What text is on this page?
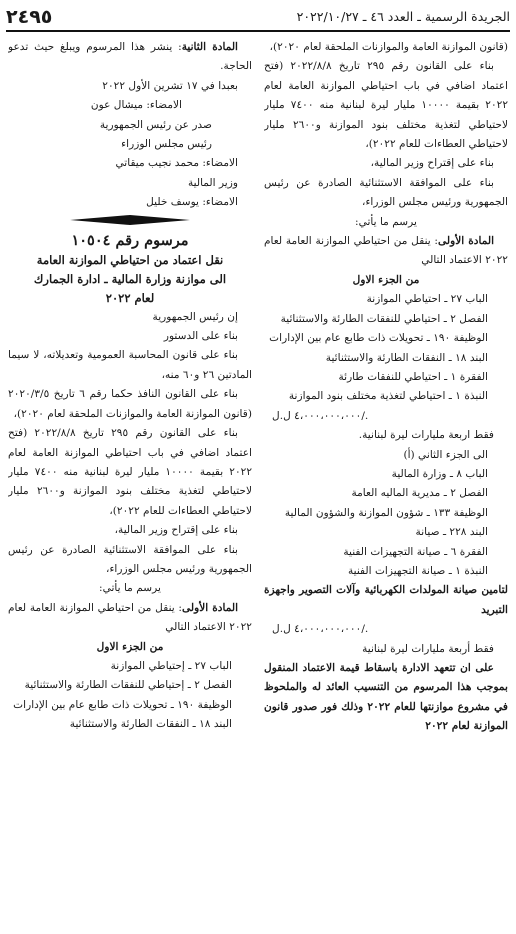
٢٤٩٥	الجريدة الرسمية ـ العدد ٤٦ ـ ٢٠٢٢/١٠/٢٧

(قانون الموازنة العامة والموازنات الملحقة لعام ٢٠٢٠)،

بناء على القانون رقم ٢٩٥ تاريخ ٢٠٢٢/٨/٨ (فتح اعتماد اضافي في باب احتياطي الموازنة العامة لعام ٢٠٢٢ بقيمة ١٠٠٠٠ مليار ليرة لبنانية منه ٧٤٠٠ مليار لاحتياطي لتغذية مختلف بنود الموازنة و٢٦٠٠ مليار لاحتياطي العطاءات للعام ٢٠٢٢)،

بناء على إقتراح وزير المالية،

بناء على الموافقة الاستثنائية الصادرة عن رئيس الجمهورية ورئيس مجلس الوزراء،

يرسم ما يأتي:

المادة الأولى: ينقل من احتياطي الموازنة العامة لعام ٢٠٢٢ الاعتماد التالي

من الجزء الاول

الباب ٢٧ ـ احتياطي الموازنة

الفصل ٢ ـ احتياطي للنفقات الطارئة والاستثنائية

الوظيفة ١٩٠ ـ تحويلات ذات طابع عام بين الإدارات

البند ١٨ ـ النفقات الطارئة والاستثنائية

الفقرة ١ ـ احتياطي للنفقات طارئة

النبذة ١ ـ احتياطي لتغذية مختلف بنود الموازنة

٤،٠٠٠،٠٠٠،٠٠٠ ل.ل/.

فقط اربعة مليارات ليرة لبنانية.

الى الجزء الثاني (أ)

الباب ٨ ـ وزارة المالية

الفصل ٢ ـ مديرية الماليه العامة

الوظيفة ١٣٣ ـ شؤون الموازنة والشؤون المالية

البند ٢٢٨ ـ صيانة

الفقرة ٦ ـ صيانة التجهيزات الفنية

النبذة ١ ـ صيانة التجهيزات الفنية

لتامين صيانة المولدات الكهربائية وآلات التصوير واجهزة التبريد

٤،٠٠٠،٠٠٠،٠٠٠ ل.ل/.

فقط أربعة مليارات ليرة لبنانية

على ان تتعهد الادارة باسقاط قيمة الاعتماد المنقول بموجب هذا المرسوم من التنسيب العائد له والملحوظ في مشروع موازنتها للعام ٢٠٢٢ وذلك فور صدور قانون الموازنة لعام ٢٠٢٢

المادة الثانية: ينشر هذا المرسوم ويبلغ حيث تدعو الحاجة.

بعبدا في ١٧ تشرين الأول ٢٠٢٢

الامضاء: ميشال عون

صدر عن رئيس الجمهورية

رئيس مجلس الوزراء

الامضاء: محمد نجيب ميقاتي

وزير المالية

الامضاء: يوسف خليل

مرسوم رقم ١٠٥٠٤
نقل اعتماد من احتياطي الموازنة العامة
الى موازنة وزارة المالية ـ ادارة الجمارك
لعام ٢٠٢٢

إن رئيس الجمهورية

بناء على الدستور

بناء على قانون المحاسبة العمومية وتعديلاته، لا سيما المادتين ٢٦ و٦٠ منه،

بناء على القانون النافذ حكما رقم ٦ تاريخ ٢٠٢٠/٣/٥ (قانون الموازنة العامة والموازنات الملحقة لعام ٢٠٢٠)،

بناء على القانون رقم ٢٩٥ تاريخ ٢٠٢٢/٨/٨ (فتح اعتماد اضافي في باب احتياطي الموازنة العامة لعام ٢٠٢٢ بقيمة ١٠٠٠٠ مليار ليرة لبنانية منه ٧٤٠٠ مليار لاحتياطي لتغذية مختلف بنود الموازنة و٢٦٠٠ مليار لاحتياطي العطاءات للعام ٢٠٢٢)،

بناء على إقتراح وزير المالية،

بناء على الموافقة الاستثنائية الصادرة عن رئيس الجمهورية ورئيس مجلس الوزراء،

يرسم ما يأتي:

المادة الأولى: ينقل من احتياطي الموازنة العامة لعام ٢٠٢٢ الاعتماد التالي

من الجزء الاول

الباب ٢٧ ـ إحتياطي الموازنة

الفصل ٢ ـ إحتياطي للنفقات الطارئة والاستثنائية

الوظيفة ١٩٠ ـ تحويلات ذات طابع عام بين الإدارات

البند ١٨ ـ النفقات الطارئة والاستثنائية
